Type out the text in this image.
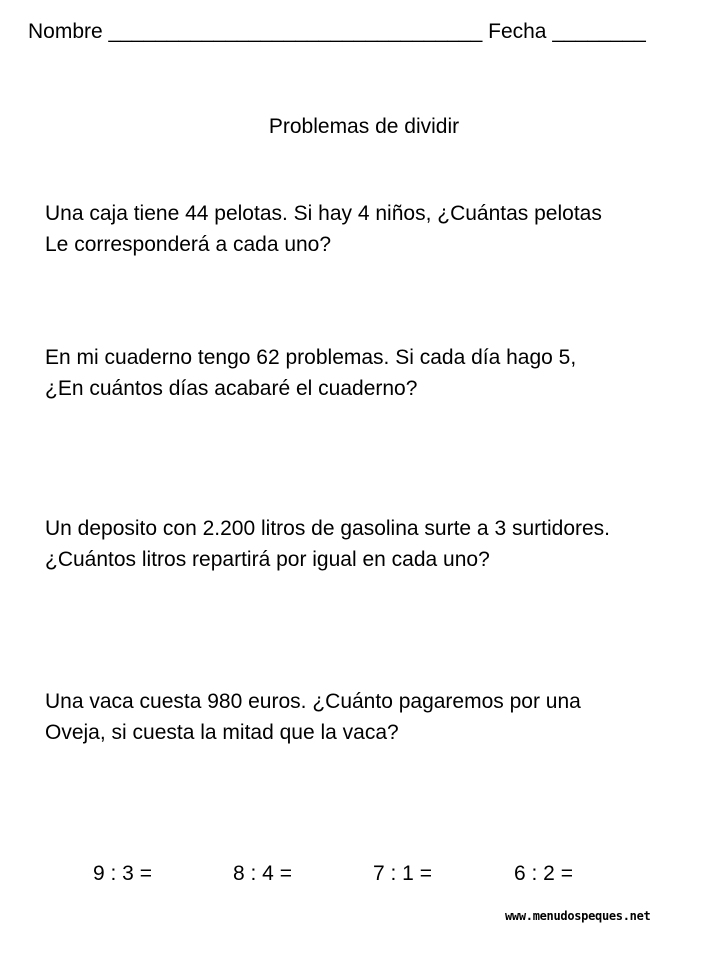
Nombre ________________________________ Fecha ________
Problemas de dividir

Una caja tiene 44 pelotas. Si hay 4 niños, ¿Cuántas pelotas

Le corresponderá a cada uno?

En mi cuaderno tengo 62 problemas. Si cada día hago 5,

¿En cuántos días acabaré el cuaderno?

Un deposito con 2.200 litros de gasolina surte a 3 surtidores.

¿Cuántos litros repartirá por igual en cada uno?

Una vaca cuesta 980 euros. ¿Cuánto pagaremos por una

Oveja, si cuesta la mitad que la vaca?

9 : 3 =	8 : 4 =	7 : 1 =	6 : 2 =
www.menudospeques.net
